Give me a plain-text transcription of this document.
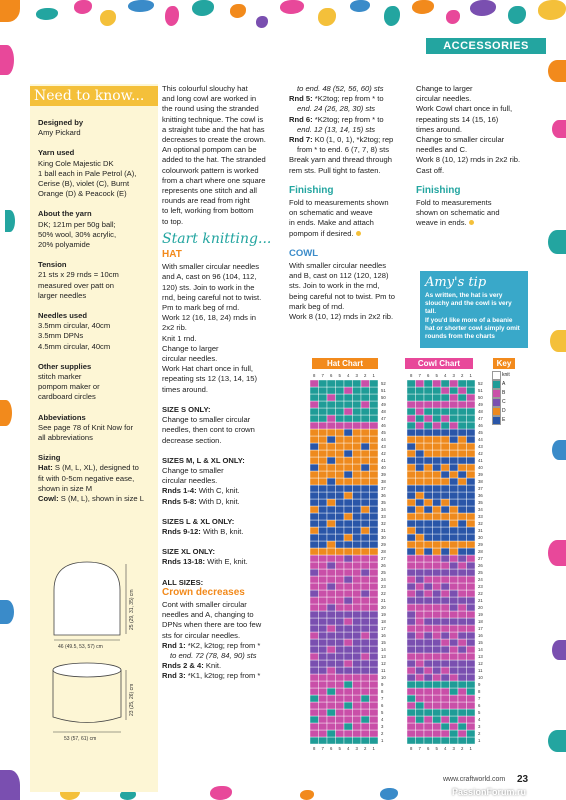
ACCESSORIES
Need to know...

Designed by
Amy Pickard

Yarn used
King Cole Majestic DK
1 ball each in Pale Petrol (A),
Cerise (B), violet (C), Burnt
Orange (D) & Peacock (E)

About the yarn
DK; 121m per 50g ball;
50% wool, 30% acrylic,
20% polyamide

Tension
21 sts x 29 rnds = 10cm
measured over patt on
larger needles

Needles used
3.5mm circular, 40cm
3.5mm DPNs
4.5mm circular, 40cm

Other supplies
stitch marker
pompom maker or
cardboard circles

Abbeviations
See page 78 of Knit Now for
all abbreviations

Sizing
Hat: S (M, L, XL), designed to
fit with 0-5cm negative ease,
shown in size M
Cowl: S (M, L), shown in size L

25 (29, 31, 35) cm
46 (49.5, 53, 57) cm
23 (25, 26) cm
53 (57, 61) cm

This colourful slouchy hat
and long cowl are worked in
the round using the stranded
knitting technique. The cowl is
a straight tube and the hat has
decreases to create the crown.
An optional pompom can be
added to the hat. The stranded
colourwork pattern is worked
from a chart where one square
represents one stitch and all
rounds are read from right
to left, working from bottom
to top.

Start knitting...
HAT

With smaller circular needles
and A, cast on 96 (104, 112,
120) sts. Join to work in the
rnd, being careful not to twist.
Pm to mark beg of rnd.
Work 12 (16, 18, 24) rnds in
2x2 rib.
Knit 1 rnd.
Change to larger
circular needles.
Work Hat chart once in full,
repeating sts 12 (13, 14, 15)
times around.

SIZE S ONLY:
Change to smaller circular
needles, then cont to crown
decrease section.

SIZES M, L & XL ONLY:
Change to smaller
circular needles.
Rnds 1-4: With C, knit.
Rnds 5-8: With D, knit.

SIZES L & XL ONLY:
Rnds 9-12: With B, knit.

SIZE XL ONLY:
Rnds 13-18: With E, knit.

ALL SIZES:

Crown decreases

Cont with smaller circular
needles and A, changing to
DPNs when there are too few
sts for circular needles.
Rnd 1: *K2, k2tog; rep from *
to end. 72 (78, 84, 90) sts
Rnds 2 & 4: Knit.
Rnd 3: *K1, k2tog; rep from *

to end. 48 (52, 56, 60) sts
Rnd 5: *K2tog; rep from * to
end. 24 (26, 28, 30) sts
Rnd 6: *K2tog; rep from * to
end. 12 (13, 14, 15) sts
Rnd 7: K0 (1, 0, 1), *k2tog; rep
from * to end. 6 (7, 7, 8) sts
Break yarn and thread through
rem sts. Pull tight to fasten.

Finishing

Fold to measurements shown
on schematic and weave
in ends. Make and attach
pompom if desired.

COWL

With smaller circular needles
and B, cast on 112 (120, 128)
sts. Join to work in the rnd,
being careful not to twist. Pm to
mark beg of rnd.
Work 8 (10, 12) rnds in 2x2 rib.

Change to larger
circular needles.
Work Cowl chart once in full,
repeating sts 14 (15, 16)
times around.
Change to smaller circular
needles and C.
Work 8 (10, 12) rnds in 2x2 rib.
Cast off.

Finishing

Fold to measurements
shown on schematic and
weave in ends.

Amy's tip
As written, the hat is very
slouchy and the cowl is very tall.
If you'd like more of a beanie
hat or shorter cowl simply omit
rounds from the charts
Hat Chart	Cowl Chart	Key
1	1
2	2
3	3
4	4
5	5
6	6
7	7
8	8
9	9
10	10
11	11
12	12
13	13
14	14
15	15
16	16
17	17
18	18
19	19
20	20
21	21
22	22
23	23
24	24
25	25
26	26
27	27
28	28
29	29
30	30
31	31
32	32
33	33
34	34
35	35
36	36
37	37
38	38
39	39
40	40
41	41
42	42
43	43
44	44
45	45
46	46
47	47
48	48
49	49
50	50
51	51
52	52
8	8
8	8
7	7
7	7
6	6
6	6
5	5
5	5
4	4
4	4
3	3
3	3
2	2
2	2
1	1
1	1
knit
A
B
C
D
E
www.craftworld.com 23
PassionForum.ru
